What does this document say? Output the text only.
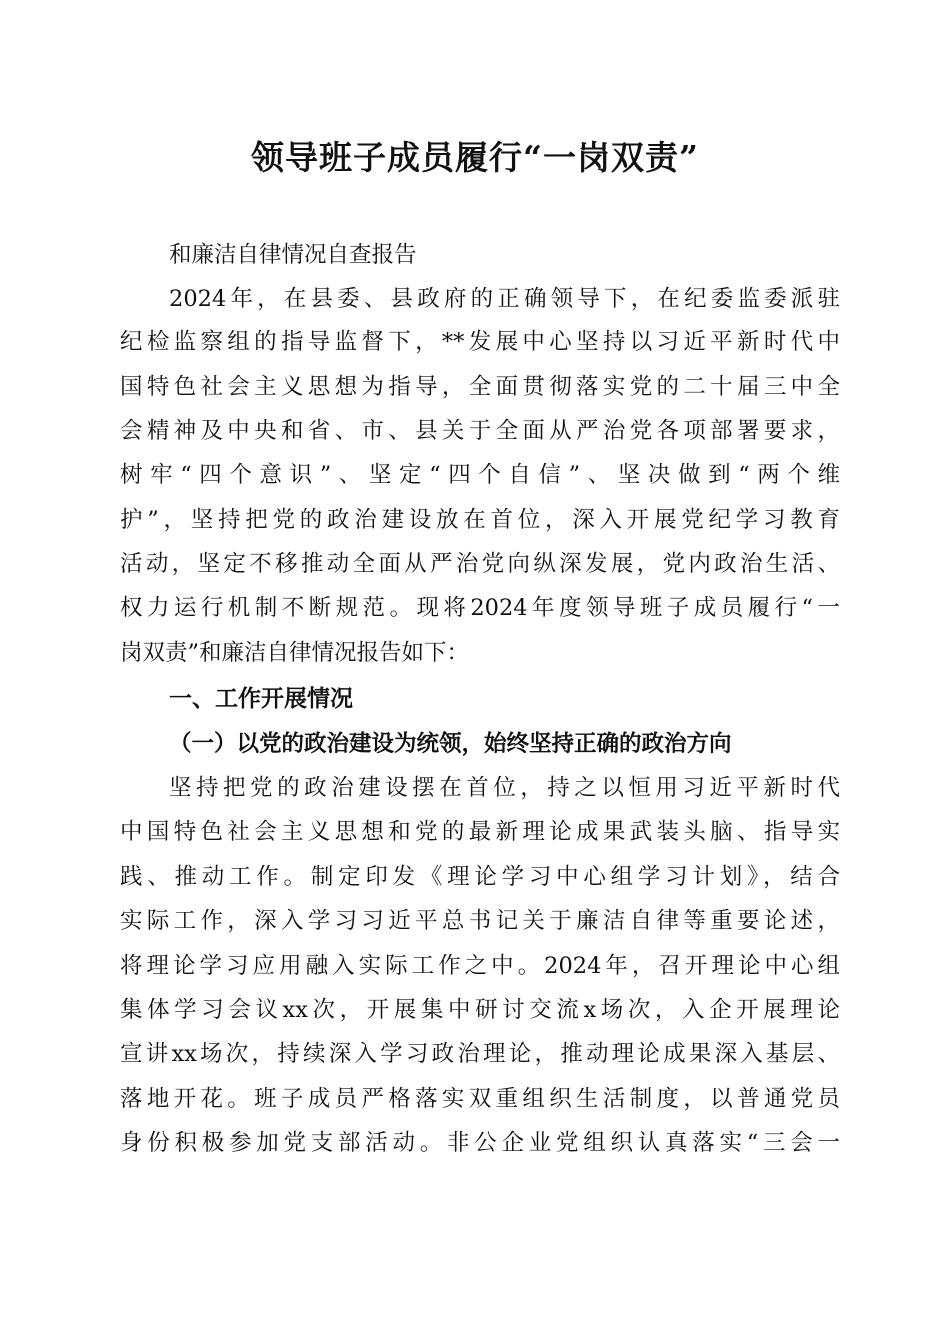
领导班子成员履行“一岗双责”
和廉洁自律情况自查报告
2024年，在县委、县政府的正确领导下，在纪委监委派驻
纪检监察组的指导监督下，**发展中心坚持以习近平新时代中
国特色社会主义思想为指导，全面贯彻落实党的二十届三中全
会精神及中央和省、市、县关于全面从严治党各项部署要求，
树牢“四个意识”、坚定“四个自信”、坚决做到“两个维
护”，坚持把党的政治建设放在首位，深入开展党纪学习教育
活动，坚定不移推动全面从严治党向纵深发展，党内政治生活、
权力运行机制不断规范。现将2024年度领导班子成员履行“一
岗双责”和廉洁自律情况报告如下：
一、工作开展情况
（一）以党的政治建设为统领，始终坚持正确的政治方向
坚持把党的政治建设摆在首位，持之以恒用习近平新时代
中国特色社会主义思想和党的最新理论成果武装头脑、指导实
践、推动工作。制定印发《理论学习中心组学习计划》，结合
实际工作，深入学习习近平总书记关于廉洁自律等重要论述，
将理论学习应用融入实际工作之中。2024年，召开理论中心组
集体学习会议xx次，开展集中研讨交流x场次，入企开展理论
宣讲xx场次，持续深入学习政治理论，推动理论成果深入基层、
落地开花。班子成员严格落实双重组织生活制度，以普通党员
身份积极参加党支部活动。非公企业党组织认真落实“三会一
